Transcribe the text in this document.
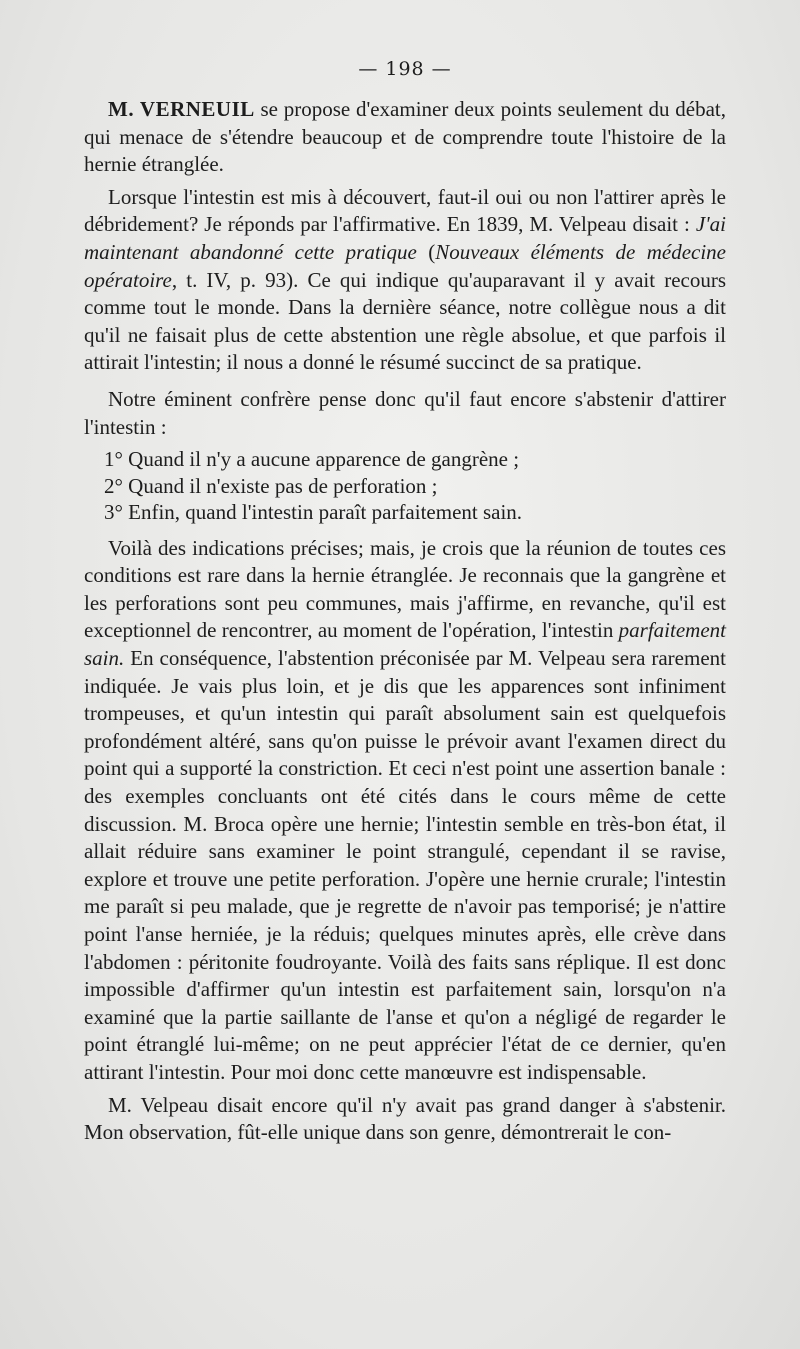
— 198 —

M. VERNEUIL se propose d'examiner deux points seulement du débat, qui menace de s'étendre beaucoup et de comprendre toute l'histoire de la hernie étranglée.

Lorsque l'intestin est mis à découvert, faut-il oui ou non l'attirer après le débridement? Je réponds par l'affirmative. En 1839, M. Velpeau disait : J'ai maintenant abandonné cette pratique (Nouveaux éléments de médecine opératoire, t. IV, p. 93). Ce qui indique qu'auparavant il y avait recours comme tout le monde. Dans la dernière séance, notre collègue nous a dit qu'il ne faisait plus de cette abstention une règle absolue, et que parfois il attirait l'intestin; il nous a donné le résumé succinct de sa pratique.

Notre éminent confrère pense donc qu'il faut encore s'abstenir d'attirer l'intestin :

1° Quand il n'y a aucune apparence de gangrène ;
2° Quand il n'existe pas de perforation ;
3° Enfin, quand l'intestin paraît parfaitement sain.

Voilà des indications précises; mais, je crois que la réunion de toutes ces conditions est rare dans la hernie étranglée. Je reconnais que la gangrène et les perforations sont peu communes, mais j'affirme, en revanche, qu'il est exceptionnel de rencontrer, au moment de l'opération, l'intestin parfaitement sain. En conséquence, l'abstention préconisée par M. Velpeau sera rarement indiquée. Je vais plus loin, et je dis que les apparences sont infiniment trompeuses, et qu'un intestin qui paraît absolument sain est quelquefois profondément altéré, sans qu'on puisse le prévoir avant l'examen direct du point qui a supporté la constriction. Et ceci n'est point une assertion banale : des exemples concluants ont été cités dans le cours même de cette discussion. M. Broca opère une hernie; l'intestin semble en très-bon état, il allait réduire sans examiner le point strangulé, cependant il se ravise, explore et trouve une petite perforation. J'opère une hernie crurale; l'intestin me paraît si peu malade, que je regrette de n'avoir pas temporisé; je n'attire point l'anse herniée, je la réduis; quelques minutes après, elle crève dans l'abdomen : péritonite foudroyante. Voilà des faits sans réplique. Il est donc impossible d'affirmer qu'un intestin est parfaitement sain, lorsqu'on n'a examiné que la partie saillante de l'anse et qu'on a négligé de regarder le point étranglé lui-même; on ne peut apprécier l'état de ce dernier, qu'en attirant l'intestin. Pour moi donc cette manœuvre est indispensable.

M. Velpeau disait encore qu'il n'y avait pas grand danger à s'abstenir. Mon observation, fût-elle unique dans son genre, démontrerait le con-
